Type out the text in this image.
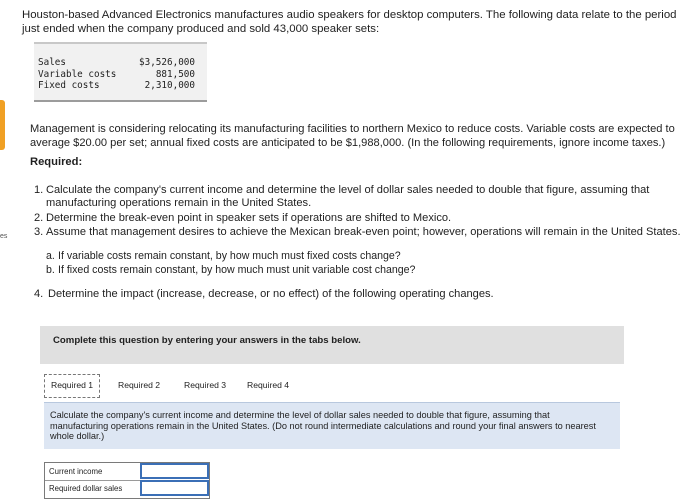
Houston-based Advanced Electronics manufactures audio speakers for desktop computers. The following data relate to the period just ended when the company produced and sold 43,000 speaker sets:
Sales	$3,526,000
Variable costs	881,500
Fixed costs	2,310,000
es
Management is considering relocating its manufacturing facilities to northern Mexico to reduce costs. Variable costs are expected to average $20.00 per set; annual fixed costs are anticipated to be $1,988,000. (In the following requirements, ignore income taxes.)
Required:
1. Calculate the company's current income and determine the level of dollar sales needed to double that figure, assuming that manufacturing operations remain in the United States.
2. Determine the break-even point in speaker sets if operations are shifted to Mexico.
3. Assume that management desires to achieve the Mexican break-even point; however, operations will remain in the United States.
a. If variable costs remain constant, by how much must fixed costs change?
b. If fixed costs remain constant, by how much must unit variable cost change?
4. Determine the impact (increase, decrease, or no effect) of the following operating changes.
Complete this question by entering your answers in the tabs below.
Required 1	Required 2	Required 3	Required 4
Calculate the company's current income and determine the level of dollar sales needed to double that figure, assuming that manufacturing operations remain in the United States. (Do not round intermediate calculations and round your final answers to nearest whole dollar.)
Current income
Required dollar sales
